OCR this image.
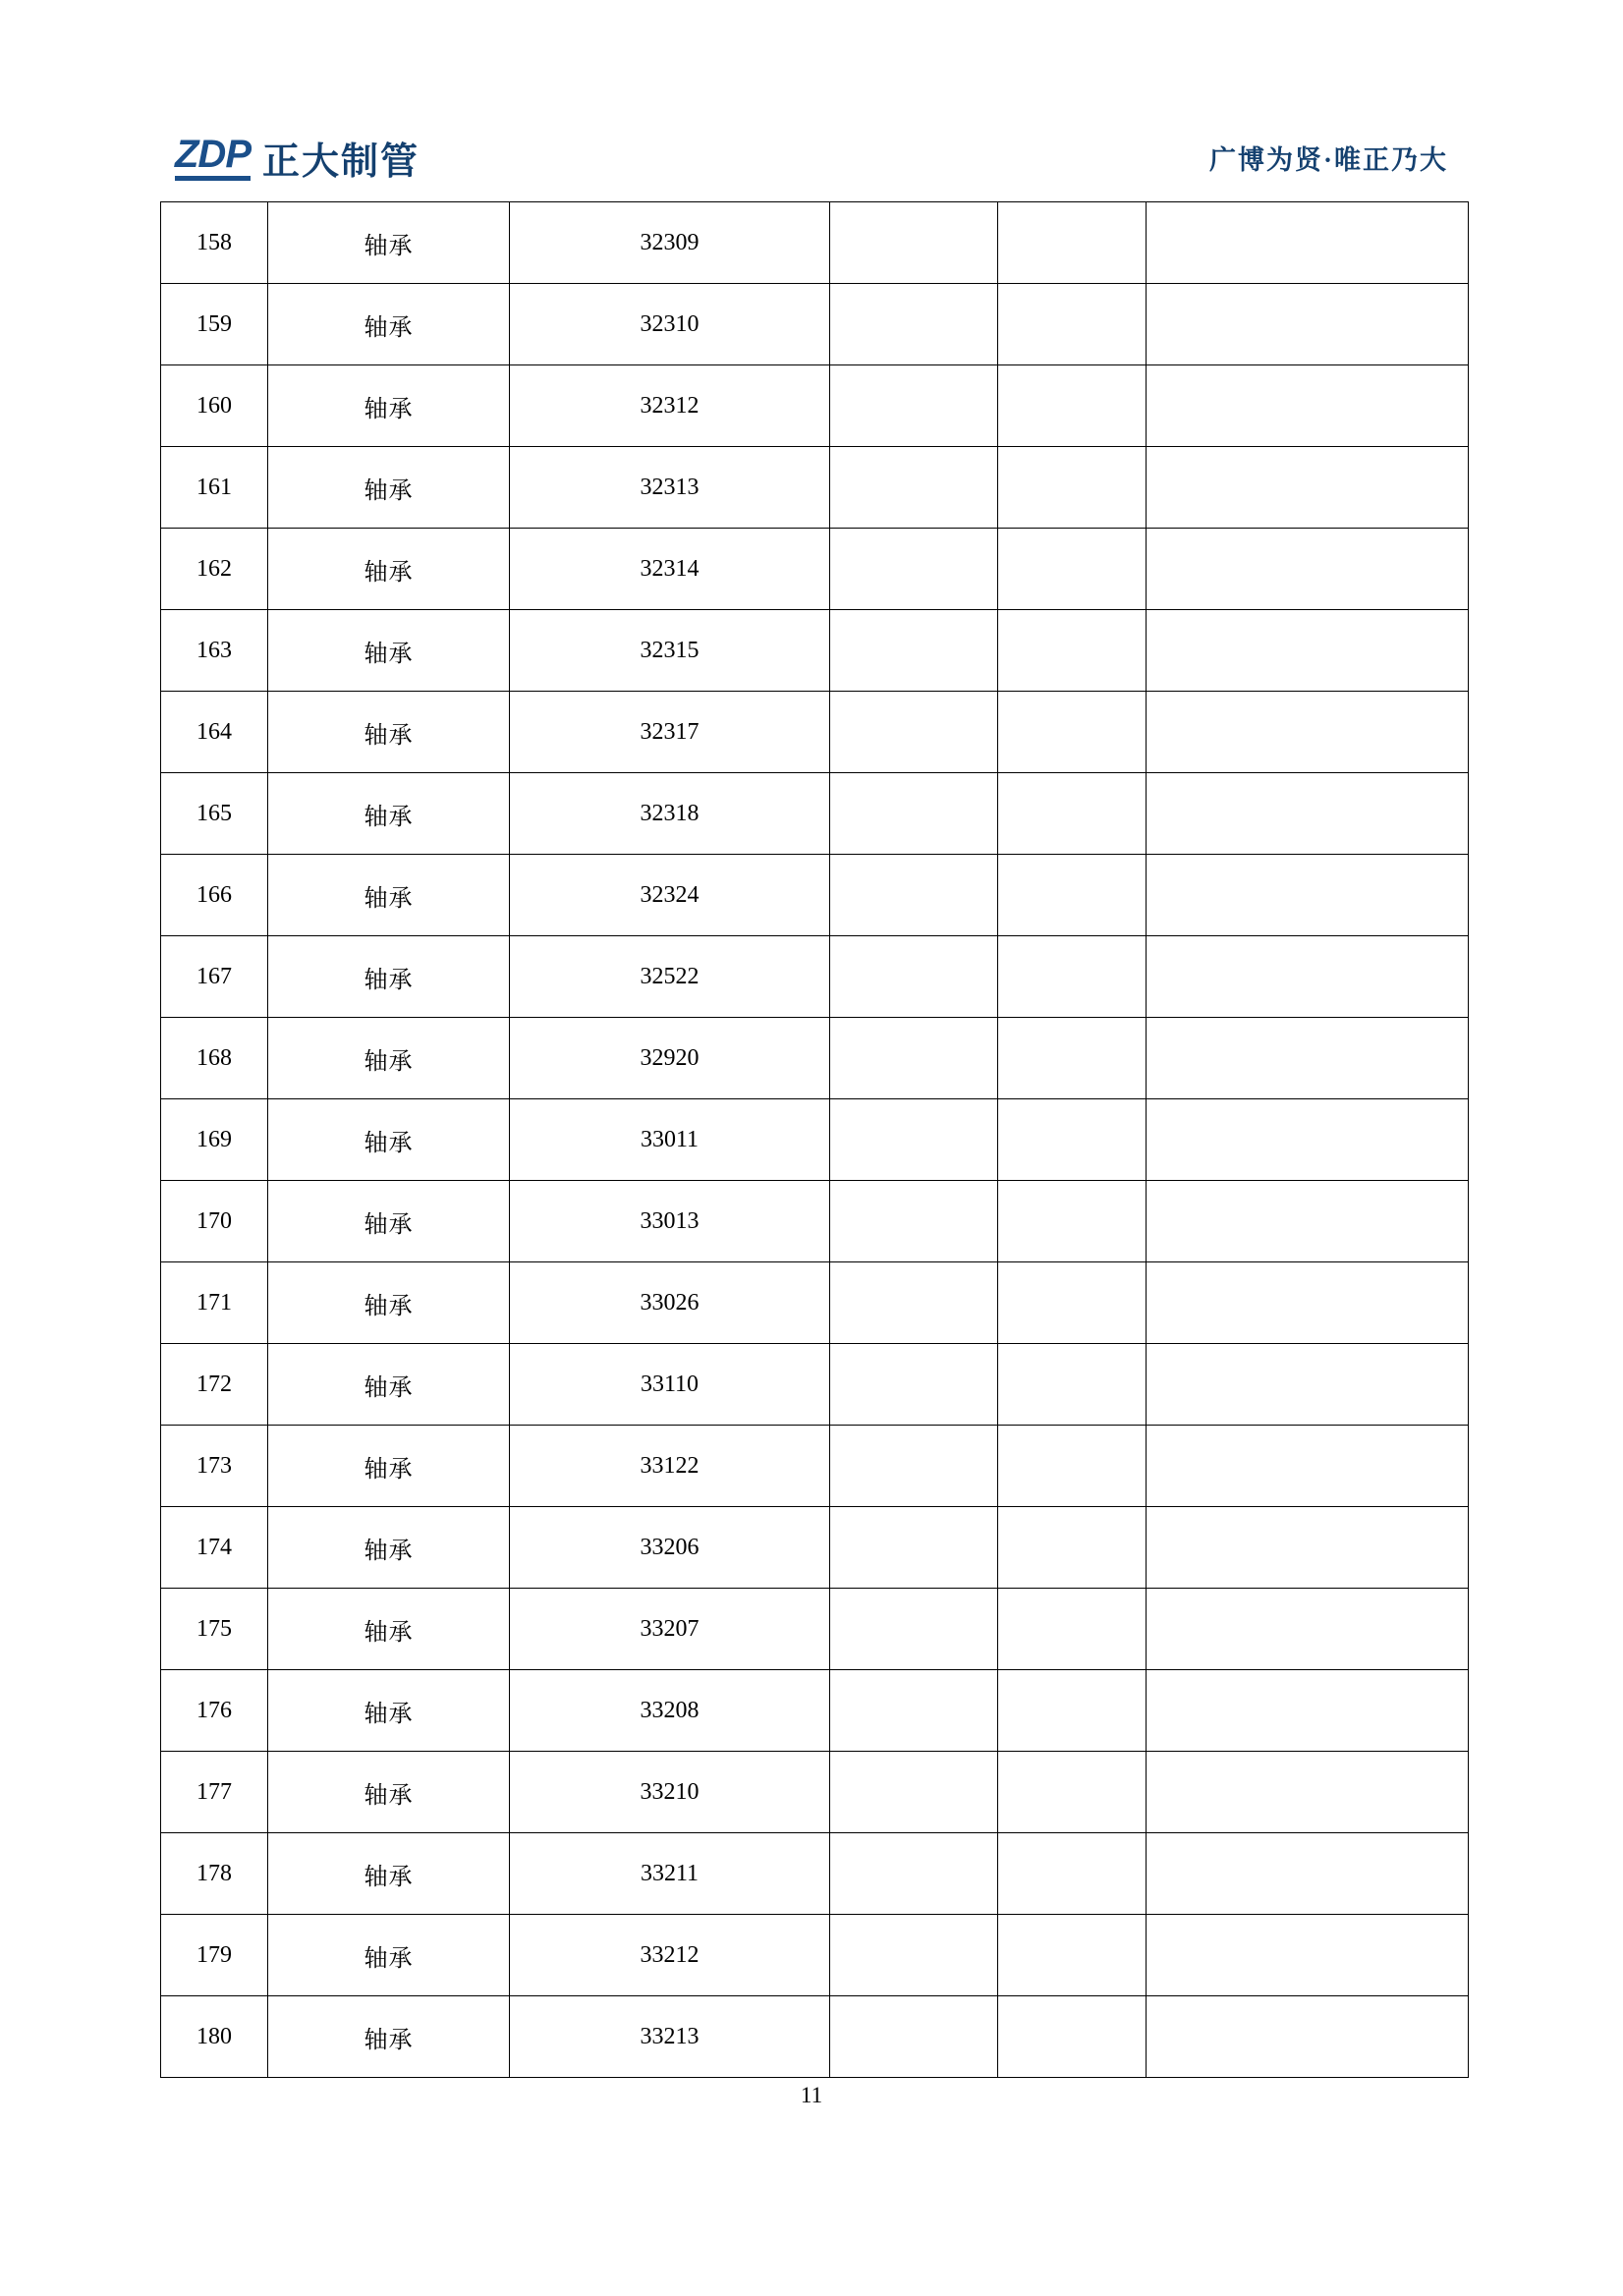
ZDP 正大制管	广博为贤·唯正乃大
158	轴承	32309			
159	轴承	32310			
160	轴承	32312			
161	轴承	32313			
162	轴承	32314			
163	轴承	32315			
164	轴承	32317			
165	轴承	32318			
166	轴承	32324			
167	轴承	32522			
168	轴承	32920			
169	轴承	33011			
170	轴承	33013			
171	轴承	33026			
172	轴承	33110			
173	轴承	33122			
174	轴承	33206			
175	轴承	33207			
176	轴承	33208			
177	轴承	33210			
178	轴承	33211			
179	轴承	33212			
180	轴承	33213			
11
